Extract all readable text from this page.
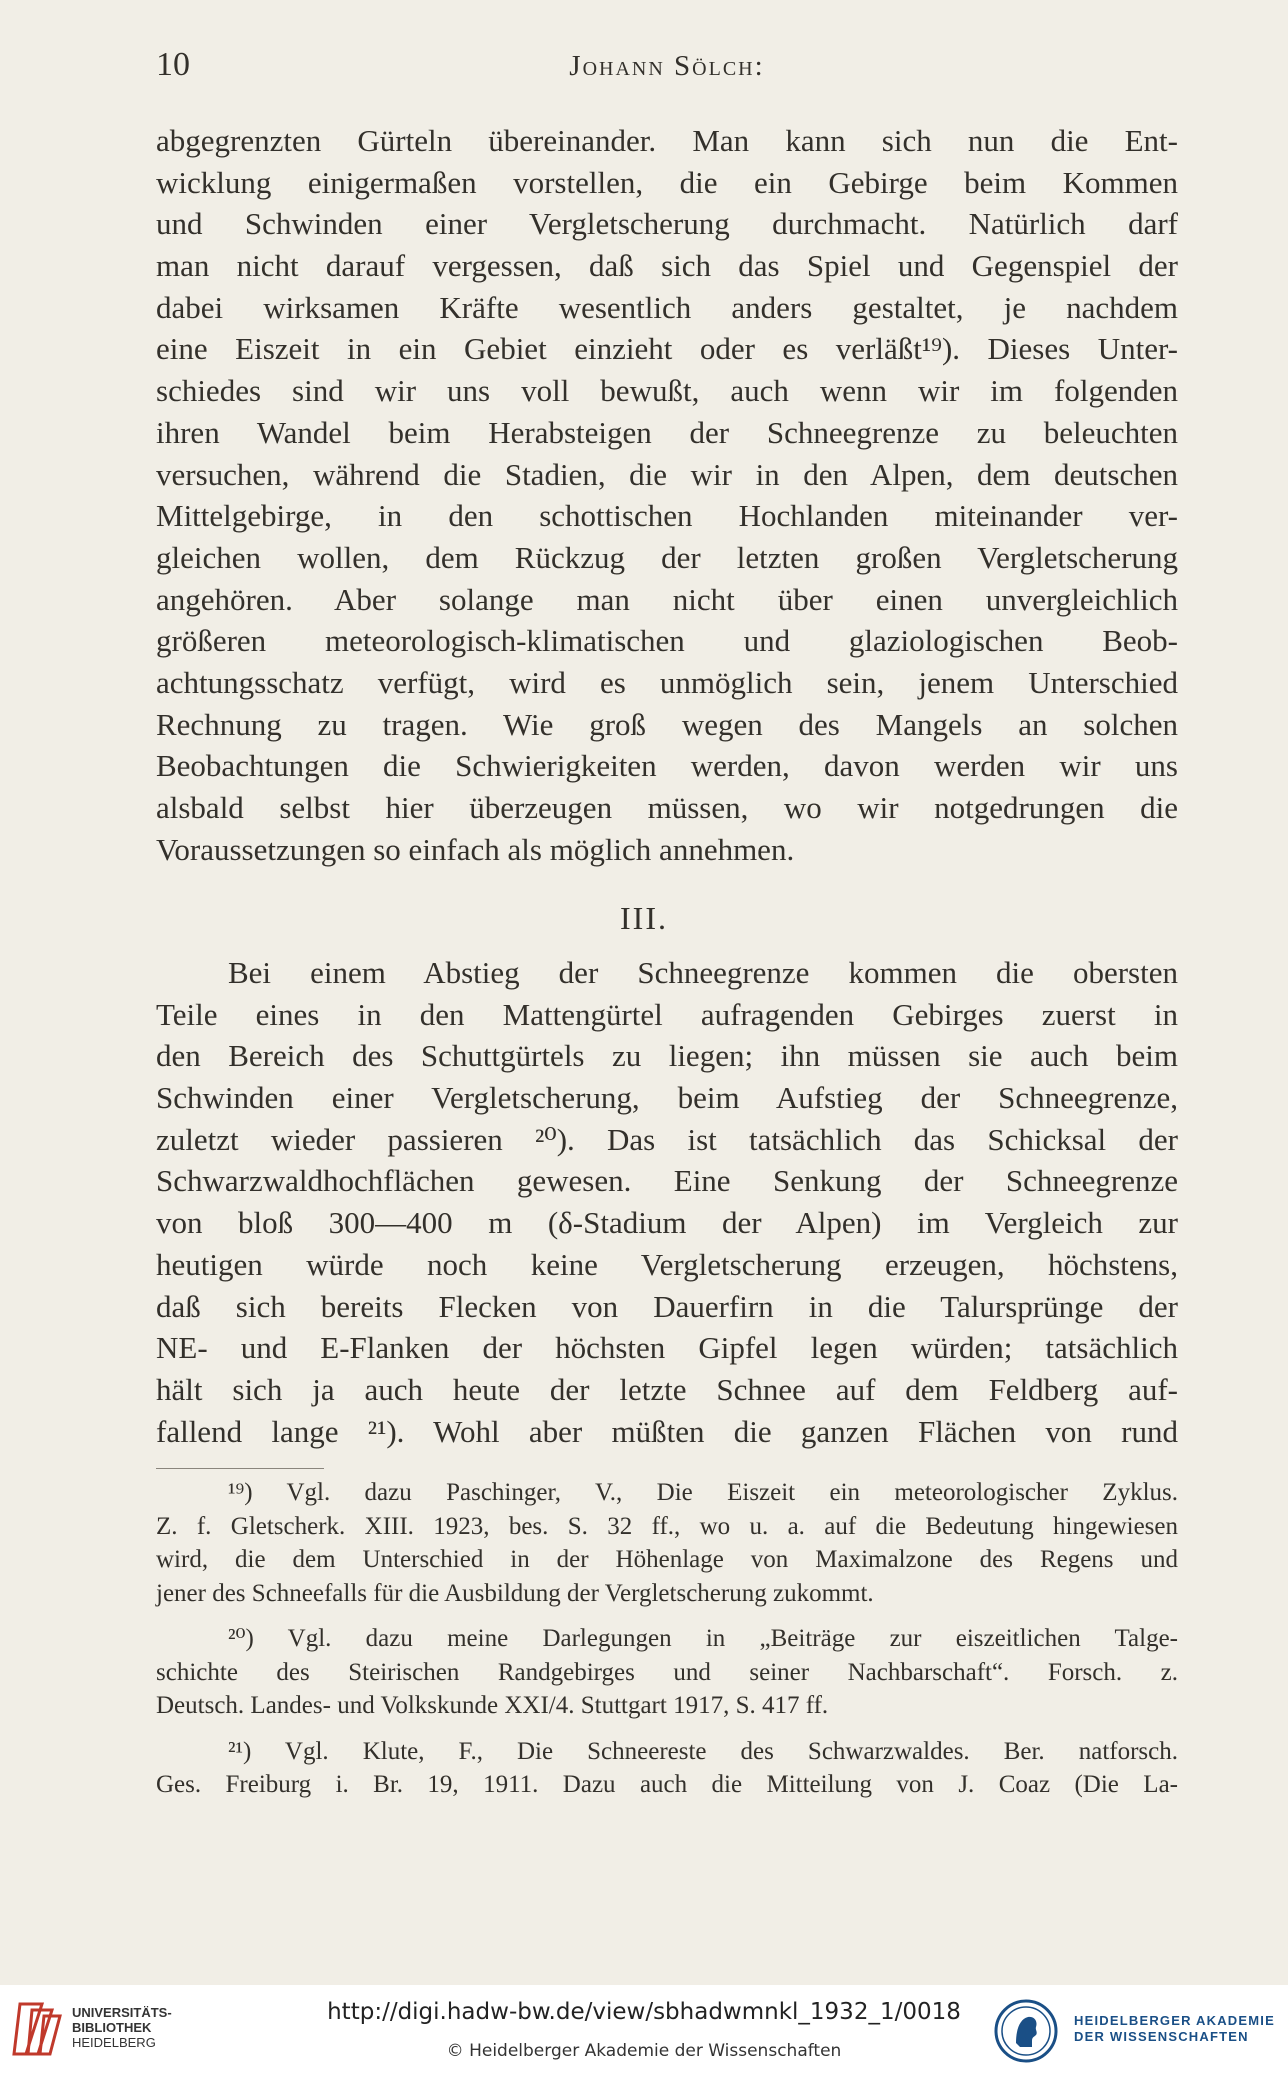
10	Johann Sölch:
abgegrenzten Gürteln übereinander. Man kann sich nun die Ent-
wicklung einigermaßen vorstellen, die ein Gebirge beim Kommen
und Schwinden einer Vergletscherung durchmacht. Natürlich darf
man nicht darauf vergessen, daß sich das Spiel und Gegenspiel der
dabei wirksamen Kräfte wesentlich anders gestaltet, je nachdem
eine Eiszeit in ein Gebiet einzieht oder es verläßt¹⁹). Dieses Unter-
schiedes sind wir uns voll bewußt, auch wenn wir im folgenden
ihren Wandel beim Herabsteigen der Schneegrenze zu beleuchten
versuchen, während die Stadien, die wir in den Alpen, dem deutschen
Mittelgebirge, in den schottischen Hochlanden miteinander ver-
gleichen wollen, dem Rückzug der letzten großen Vergletscherung
angehören. Aber solange man nicht über einen unvergleichlich
größeren meteorologisch-klimatischen und glaziologischen Beob-
achtungsschatz verfügt, wird es unmöglich sein, jenem Unterschied
Rechnung zu tragen. Wie groß wegen des Mangels an solchen
Beobachtungen die Schwierigkeiten werden, davon werden wir uns
alsbald selbst hier überzeugen müssen, wo wir notgedrungen die
Voraussetzungen so einfach als möglich annehmen.
III.
Bei einem Abstieg der Schneegrenze kommen die obersten
Teile eines in den Mattengürtel aufragenden Gebirges zuerst in
den Bereich des Schuttgürtels zu liegen; ihn müssen sie auch beim
Schwinden einer Vergletscherung, beim Aufstieg der Schneegrenze,
zuletzt wieder passieren ²⁰). Das ist tatsächlich das Schicksal der
Schwarzwaldhochflächen gewesen. Eine Senkung der Schneegrenze
von bloß 300—400 m (δ-Stadium der Alpen) im Vergleich zur
heutigen würde noch keine Vergletscherung erzeugen, höchstens,
daß sich bereits Flecken von Dauerfirn in die Talursprünge der
NE- und E-Flanken der höchsten Gipfel legen würden; tatsächlich
hält sich ja auch heute der letzte Schnee auf dem Feldberg auf-
fallend lange ²¹). Wohl aber müßten die ganzen Flächen von rund
¹⁹) Vgl. dazu Paschinger, V., Die Eiszeit ein meteorologischer Zyklus.
Z. f. Gletscherk. XIII. 1923, bes. S. 32 ff., wo u. a. auf die Bedeutung hingewiesen
wird, die dem Unterschied in der Höhenlage von Maximalzone des Regens und
jener des Schneefalls für die Ausbildung der Vergletscherung zukommt.
²⁰) Vgl. dazu meine Darlegungen in „Beiträge zur eiszeitlichen Talge-
schichte des Steirischen Randgebirges und seiner Nachbarschaft“. Forsch. z.
Deutsch. Landes- und Volkskunde XXI/4. Stuttgart 1917, S. 417 ff.
²¹) Vgl. Klute, F., Die Schneereste des Schwarzwaldes. Ber. natforsch.
Ges. Freiburg i. Br. 19, 1911. Dazu auch die Mitteilung von J. Coaz (Die La-
UNIVERSITÄTS-
BIBLIOTHEK
HEIDELBERG
http://digi.hadw-bw.de/view/sbhadwmnkl_1932_1/0018
© Heidelberger Akademie der Wissenschaften
HEIDELBERGER AKADEMIE
DER WISSENSCHAFTEN
